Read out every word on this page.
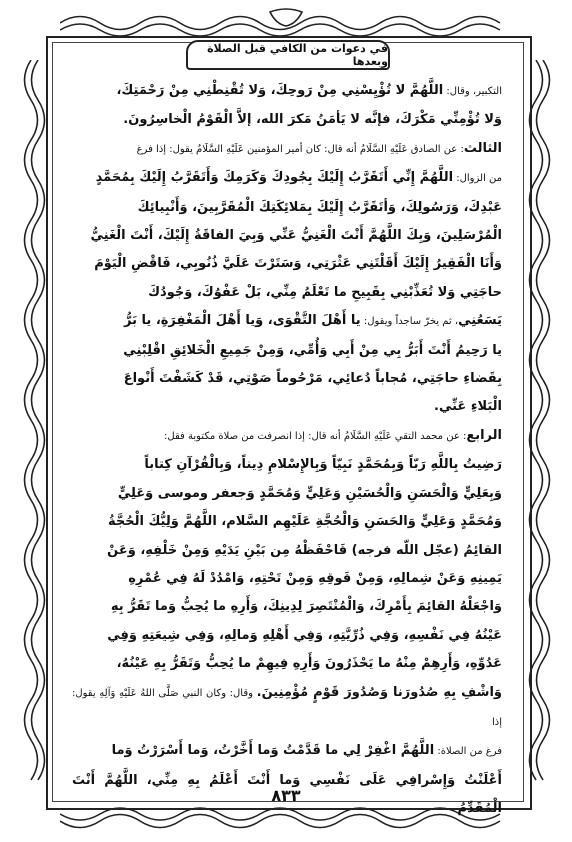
في دعوات من الكافي قبل الصلاة وبعدها

التكبير، وقال: اللَّهُمَّ لا تُؤْيِسْنِي مِنْ رَوحِكَ، وَلا تُقْنِطْنِي مِنْ رَحْمَتِكَ،

وَلا تُؤْمِنِّي مَكْرَكَ، فإنَّه لا يَأمَنُ مَكرَ الله، إلاَّ الْقَوْمُ الْخاسِرُونَ.

الثالث: عن الصادق عَلَيْهِ السَّلَامُ أنه قال: كان أمير المؤمنين عَلَيْهِ السَّلَامُ يقول: إذا فرغ

من الزوال: اللَّهُمَّ إِنِّي أَتَقَرَّبُ إِلَيْكَ بِجُودِكَ وَكَرَمِكَ وَأَتَقَرَّبُ إِلَيْكَ بِمُحَمَّدٍ

عَبْدِكَ، وَرَسُولِكَ، وَأتَقَرَّبُ إِلَيْكَ بِمَلائِكَتِكَ الْمُقَرَّبِينَ، وَأَنْبِيائِكَ

الْمُرْسَلِينَ، وَبِكَ اللَّهُمَّ أَنْتَ الْغَنِيُّ عَنِّي وَبِيَ الفاقَةُ إِلَيْكَ، أَنْتَ الْغَنِيُّ

وَأَنَا الْفَقِيرُ إِلَيْكَ أَقَلْتَنِي عَثْرَتِي، وَسَتَرْتَ عَلَيَّ ذُنُوبِي، فَاقْضِ الْيَوْمَ

حاجَتِي وَلا تُعَذِّبْنِي بِقَبِيحِ ما تَعْلَمُ مِنِّي، بَلْ عَفْوُكَ، وَجُودُكَ

يَسَعُنِي، ثم يخرّ ساجداً ويقول: يا أَهْلَ التَّقْوَى، وَيا أَهْلَ الْمَغْفِرَةِ، يا بَرُّ

يا رَحِيمُ أَنْتَ أَبَرُّ بِي مِنْ أَبِي وَأُمِّي، وَمِنْ جَمِيعِ الْخَلائِقِ اقْلِبْنِي

بِقَضاءِ حاجَتِي، مُجاباً دُعائِي، مَرْحُوماً صَوْتِي، قَدْ كَشَفْتَ أَنْواعَ

الْبَلاءِ عَنِّي.

الرابع: عن محمد التقي عَلَيْهِ السَّلَامُ أنه قال: إذا انصرفت من صلاة مكتوبة فقل:

رَضِيتُ بِاللَّهِ رَبّاً وَبِمُحَمَّدٍ نَبِيّاً وَبِالإِسْلامِ دِيناً، وَبِالْقُرْآنِ كِتاباً

وَبِعَلِيٍّ وَالْحَسَنِ وَالْحُسَيْنِ وَعَلِيٍّ وَمُحَمَّدٍ وَجعفر وموسى وَعَلِيٍّ

وَمُحَمَّدٍ وَعَلِيٍّ وَالحَسَنِ وَالْحُجَّةِ عَلَيْهِم السَّلام، اللَّهُمَّ وَلِيُّكَ الْحُجَّةُ

القائِمُ (عجّل اللّه فرجه) فَاحْفَظْهُ مِن بَيْنِ يَدَيْهِ وَمِنْ خَلْفِهِ، وَعَنْ

يَمِينِهِ وَعَنْ شِمالِهِ، وَمِنْ فَوقِهِ وَمِنْ تَحْتِهِ، وَامْدُدْ لَهُ فِي عُمْرِهِ

وَاجْعَلْهُ القائِمَ بِأَمْرِكَ، وَالْمُنْتَصِرَ لِدِينِكَ، وَأَرِهِ ما يُحِبُّ وَما تَقَرُّ بِهِ

عَيْنُهُ فِي نَفْسِهِ، وَفِي ذُرِّيَّتِهِ، وَفِي أَهْلِهِ وَمالِهِ، وَفِي شِيعَتِهِ وَفِي

عَدُوِّهِ، وَأَرِهِمْ مِنْهُ ما يَحْذَرُونَ وَأَرِهِ فِيهِمْ ما يُحِبُّ وَتَقَرُّ بِهِ عَيْنُهُ،

وَاشْفِ بِهِ صُدُورَنا وَصُدُورَ قَوْمٍ مُؤْمِنِينَ. وقال: وكان النبي صَلَّى اللهُ عَلَيْهِ وَآلِهِ يقول: إذا

فرغ من الصلاة: اللَّهُمَّ اغْفِرْ لِي ما قَدَّمْتُ وَما أَخَّرْتُ، وَما أَسْرَرْتُ وَما

أَعْلَنْتُ وَإِسْرافِي عَلَى نَفْسِي وَما أَنْتَ أَعْلَمُ بِهِ مِنِّي، اللَّهُمَّ أَنْتَ الْمُقَدِّمُ

٨٣٣
